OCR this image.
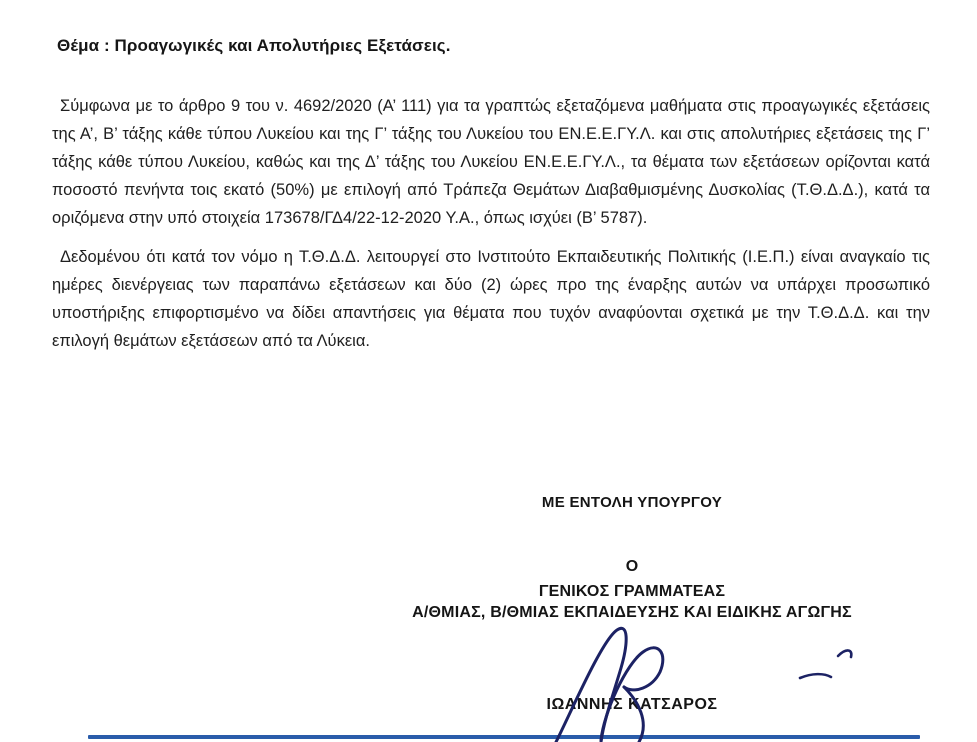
Θέμα : Προαγωγικές και Απολυτήριες Εξετάσεις.

Σύμφωνα με το άρθρο 9 του ν. 4692/2020 (Α’ 111) για τα γραπτώς εξεταζόμενα μαθήματα στις προαγωγικές εξετάσεις της Α’, Β’ τάξης κάθε τύπου Λυκείου και της Γ’ τάξης του Λυκείου του ΕΝ.Ε.Ε.ΓΥ.Λ. και στις απολυτήριες εξετάσεις της Γ’ τάξης κάθε τύπου Λυκείου, καθώς και της Δ’ τάξης του Λυκείου ΕΝ.Ε.Ε.ΓΥ.Λ., τα θέματα των εξετάσεων ορίζονται κατά ποσοστό πενήντα τοις εκατό (50%) με επιλογή από Τράπεζα Θεμάτων Διαβαθμισμένης Δυσκολίας (Τ.Θ.Δ.Δ.), κατά τα οριζόμενα στην υπό στοιχεία 173678/ΓΔ4/22-12-2020 Υ.Α., όπως ισχύει (Β’ 5787).

Δεδομένου ότι κατά τον νόμο η Τ.Θ.Δ.Δ. λειτουργεί στο Ινστιτούτο Εκπαιδευτικής Πολιτικής (Ι.Ε.Π.) είναι αναγκαίο τις ημέρες διενέργειας των παραπάνω εξετάσεων και δύο (2) ώρες προ της έναρξης αυτών να υπάρχει προσωπικό υποστήριξης επιφορτισμένο να δίδει απαντήσεις για θέματα που τυχόν αναφύονται σχετικά με την Τ.Θ.Δ.Δ. και την επιλογή θεμάτων εξετάσεων από τα Λύκεια.

ΜΕ ΕΝΤΟΛΗ ΥΠΟΥΡΓΟΥ
Ο
ΓΕΝΙΚΟΣ ΓΡΑΜΜΑΤΕΑΣ
Α/ΘΜΙΑΣ, Β/ΘΜΙΑΣ ΕΚΠΑΙΔΕΥΣΗΣ ΚΑΙ ΕΙΔΙΚΗΣ ΑΓΩΓΗΣ
ΙΩΑΝΝΗΣ ΚΑΤΣΑΡΟΣ
